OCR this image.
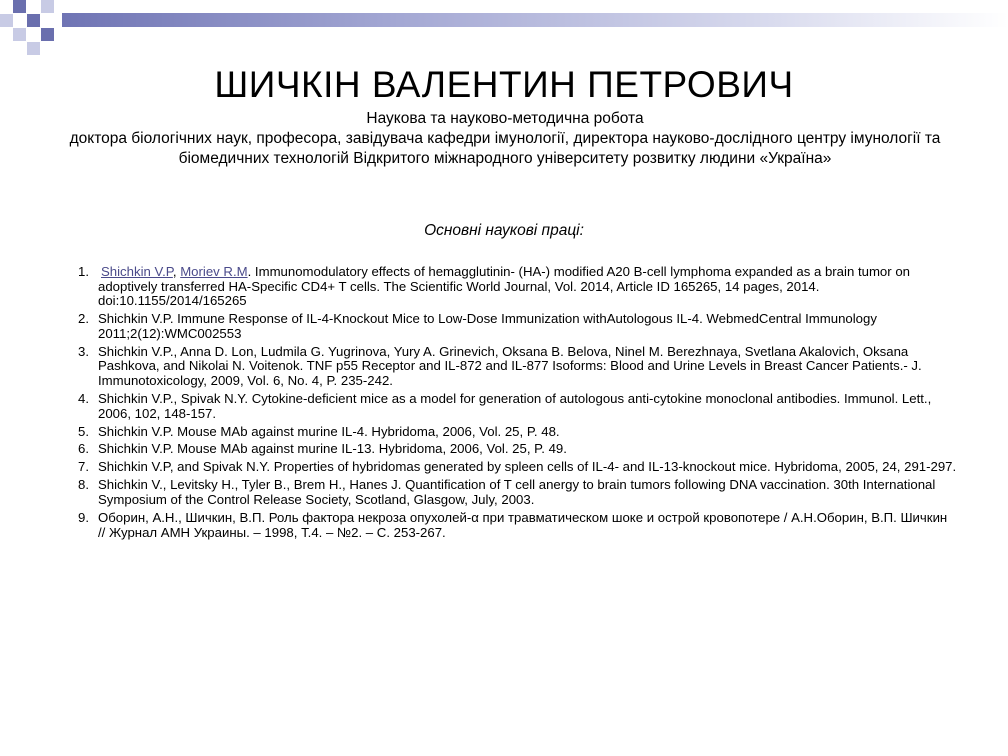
ШИЧКІН ВАЛЕНТИН ПЕТРОВИЧ

Наукова та науково-методична робота
доктора біологічних наук, професора, завідувача кафедри імунології, директора науково-дослідного центру імунології та біомедичних технологій Відкритого міжнародного університету розвитку людини «Україна»

Основні наукові праці:

1. Shichkin V.P, Moriev R.M. Immunomodulatory effects of hemagglutinin- (HA-) modified A20 B-cell lymphoma expanded as a brain tumor on adoptively transferred HA-Specific CD4+ T cells. The Scientific World Journal, Vol. 2014, Article ID 165265, 14 pages, 2014. doi:10.1155/2014/165265
2. Shichkin V.P. Immune Response of IL-4-Knockout Mice to Low-Dose Immunization withAutologous IL-4. WebmedCentral Immunology 2011;2(12):WMC002553
3. Shichkin V.P., Anna D. Lon, Ludmila G. Yugrinova, Yury A. Grinevich, Oksana B. Belova, Ninel M. Berezhnaya, Svetlana Akalovich, Oksana Pashkova, and Nikolai N. Voitenok. TNF p55 Receptor and IL-872 and IL-877 Isoforms: Blood and Urine Levels in Breast Cancer Patients.- J. Immunotoxicology, 2009, Vol. 6, No. 4, P. 235-242.
4. Shichkin V.P., Spivak N.Y. Cytokine-deficient mice as a model for generation of autologous anti-cytokine monoclonal antibodies. Immunol. Lett., 2006, 102, 148-157.
5. Shichkin V.P. Mouse MAb against murine IL-4. Hybridoma, 2006, Vol. 25, P. 48.
6. Shichkin V.P. Mouse MAb against murine IL-13. Hybridoma, 2006, Vol. 25, P. 49.
7. Shichkin V.P, and Spivak N.Y. Properties of hybridomas generated by spleen cells of IL-4- and IL-13-knockout mice. Hybridoma, 2005, 24, 291-297.
8. Shichkin V., Levitsky H., Tyler B., Brem H., Hanes J. Quantification of T cell anergy to brain tumors following DNA vaccination. 30th International Symposium of the Control Release Society, Scotland, Glasgow, July, 2003.
9. Оборин, А.Н., Шичкин, В.П. Роль фактора некроза опухолей-α при травматическом шоке и острой кровопотере / А.Н.Оборин, В.П. Шичкин // Журнал АМН Украины. – 1998, Т.4. – №2. – С. 253-267.
